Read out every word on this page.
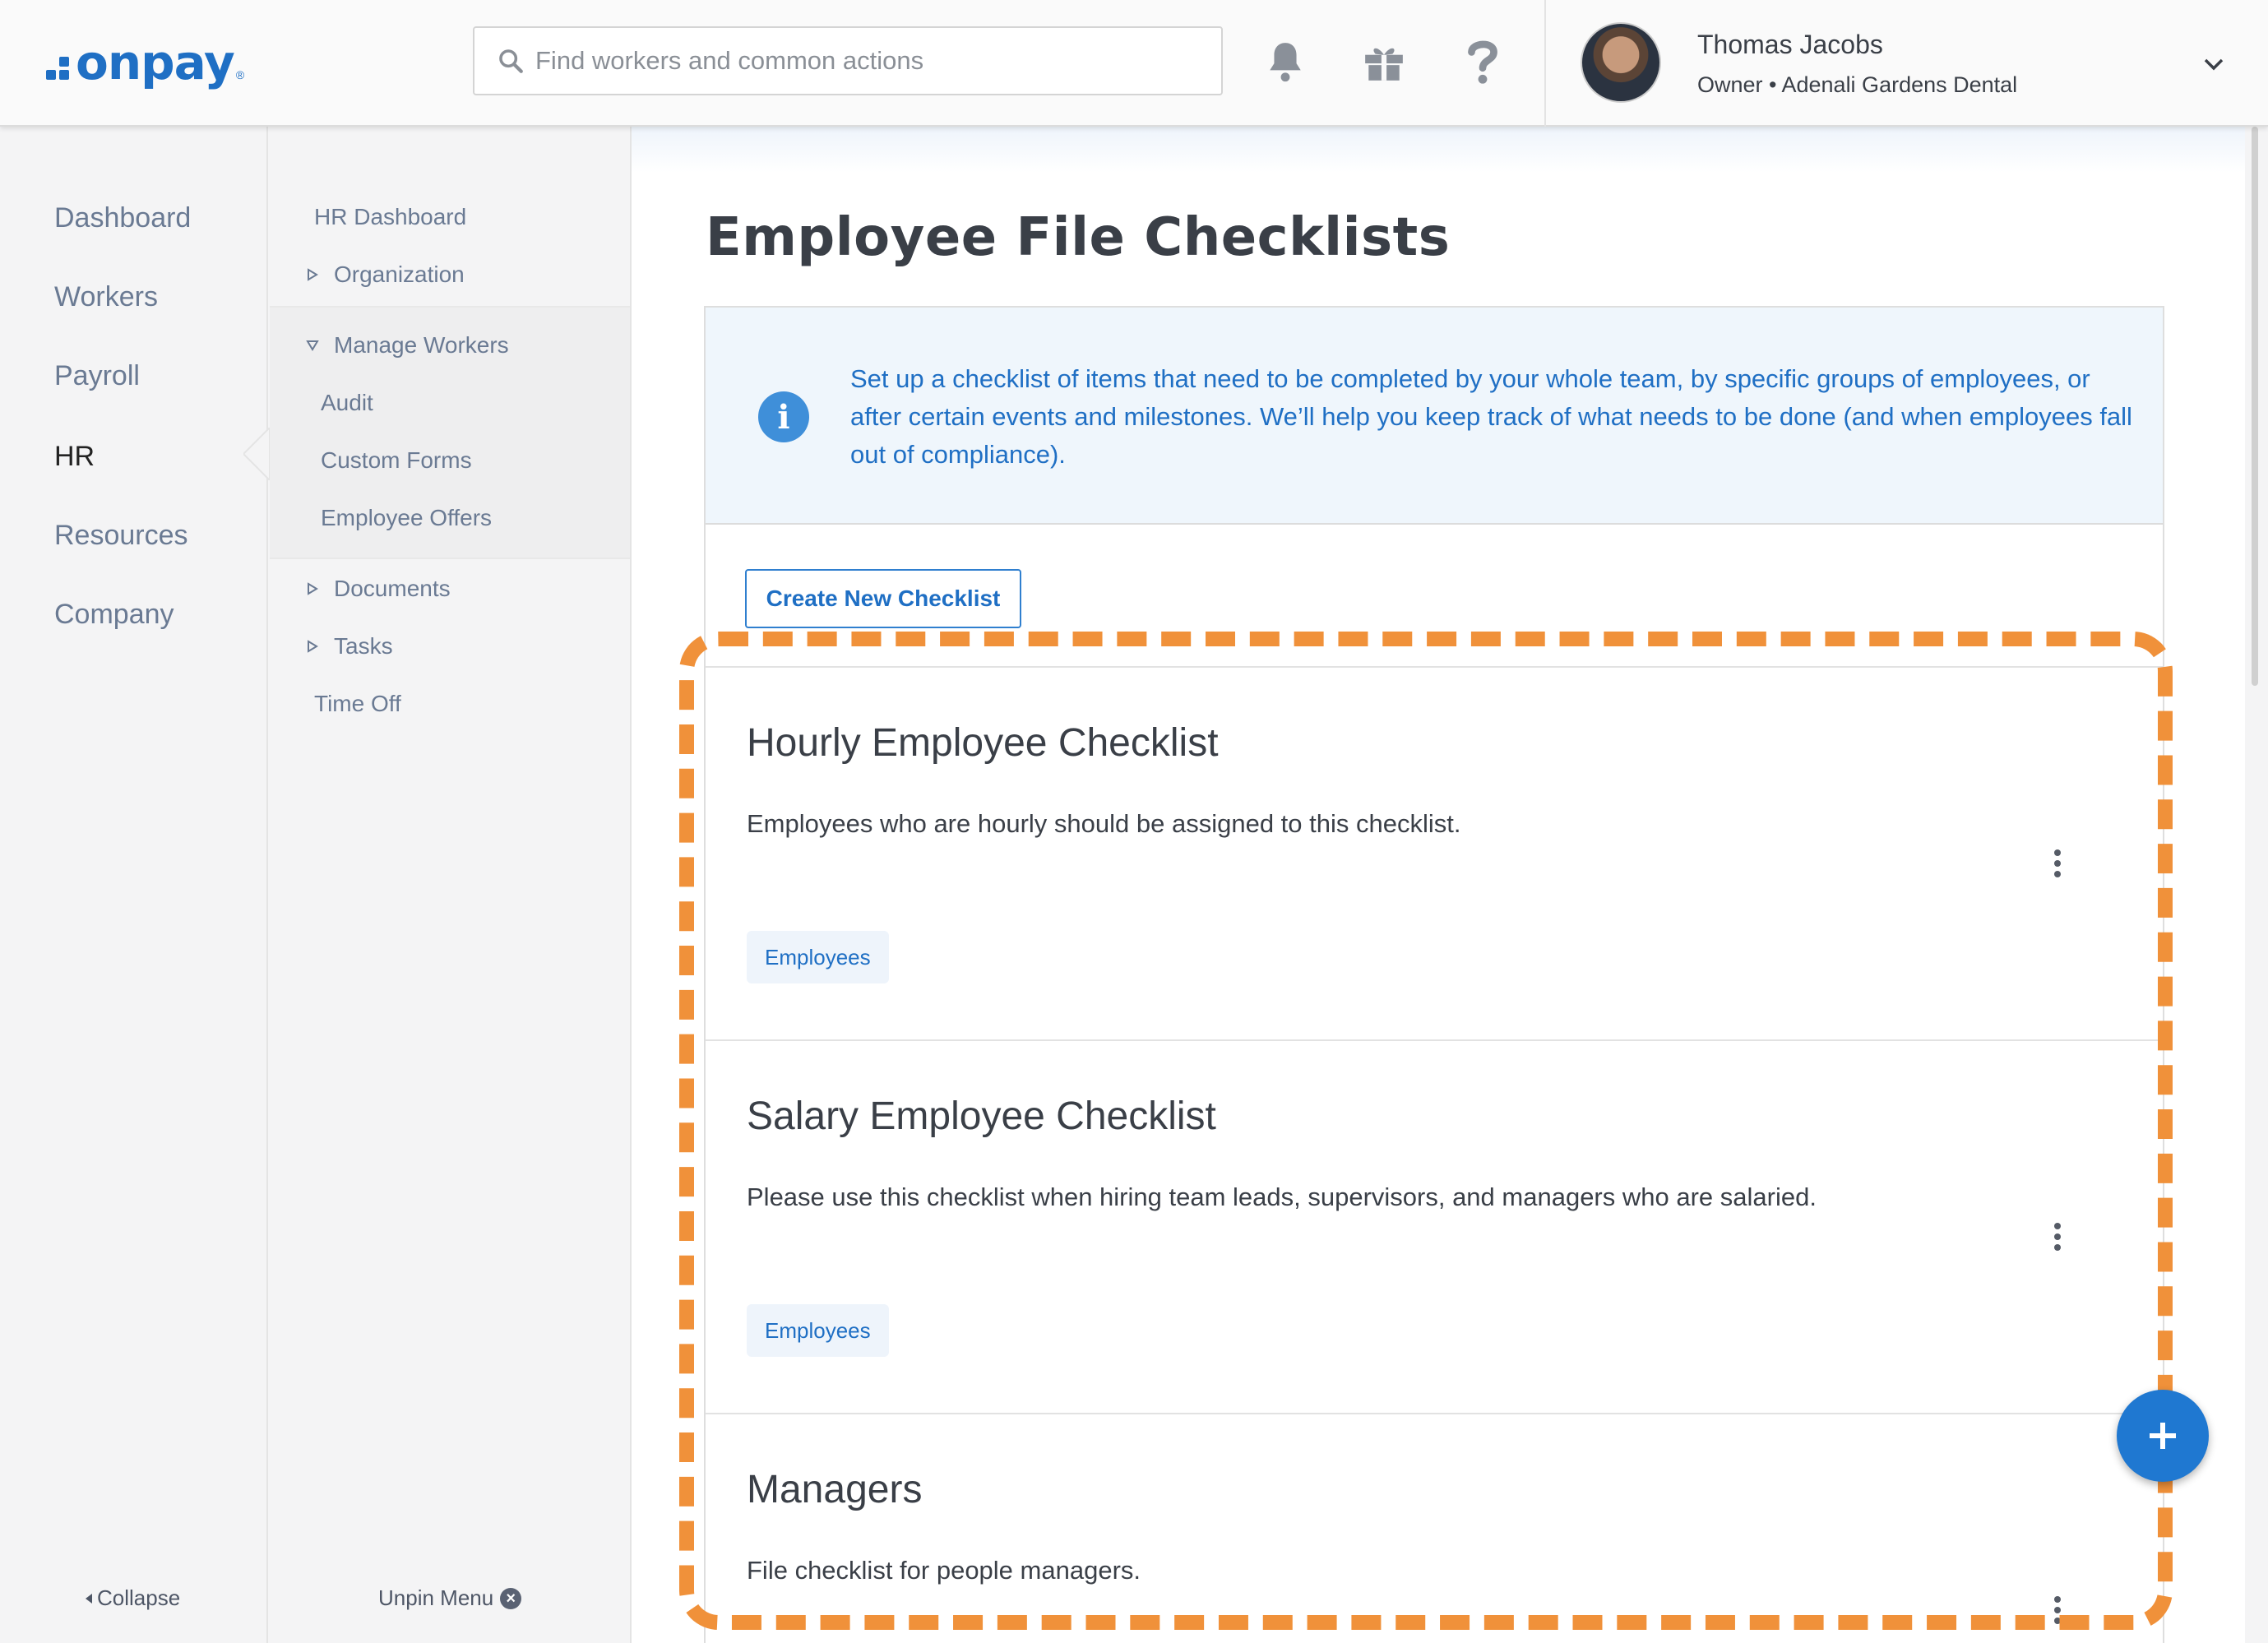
onpay ®
Find workers and common actions
Thomas Jacobs
Owner • Adenali Gardens Dental
Dashboard
Workers
Payroll
HR
Resources
Company
Collapse
HR Dashboard
Organization
Manage Workers
Audit
Custom Forms
Employee Offers
Documents
Tasks
Time Off
Unpin Menu ×
Employee File Checklists
i

Set up a checklist of items that need to be completed by your whole team, by specific groups of employees, or after certain events and milestones. We’ll help you keep track of what needs to be done (and when employees fall out of compliance).

Create New Checklist
Hourly Employee Checklist
Employees who are hourly should be assigned to this checklist.
Employees
Salary Employee Checklist
Please use this checklist when hiring team leads, supervisors, and managers who are salaried.
Employees
Managers
File checklist for people managers.
